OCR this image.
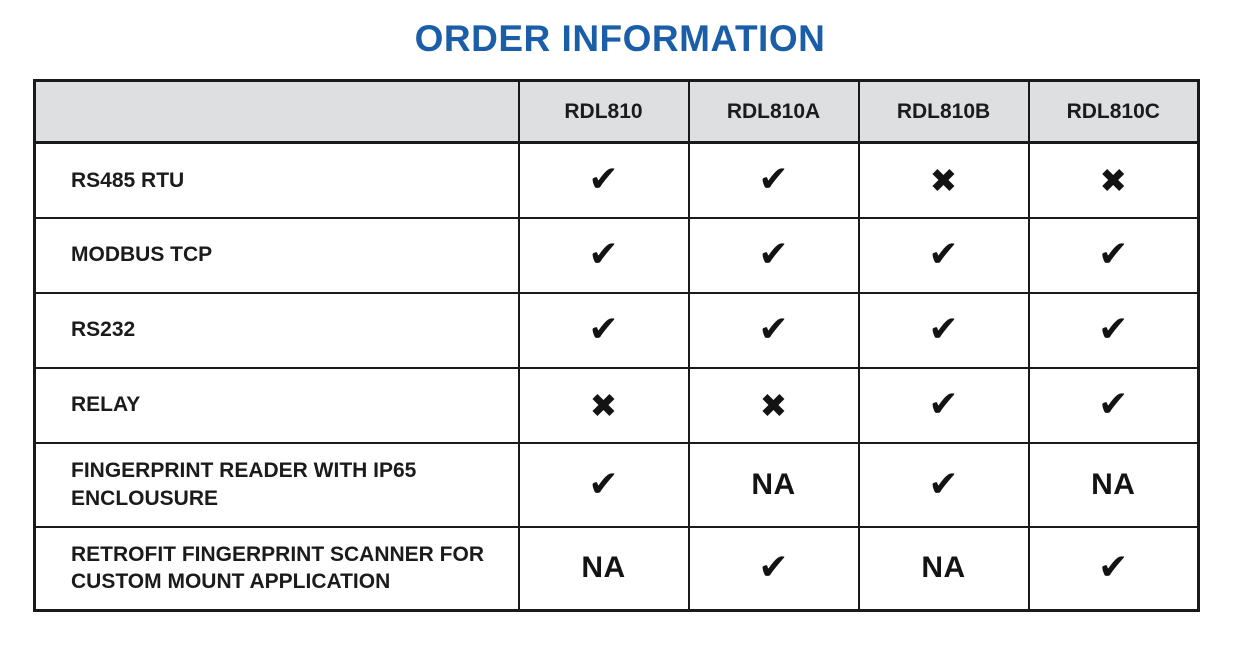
ORDER INFORMATION
	RDL810	RDL810A	RDL810B	RDL810C
RS485 RTU	✔	✔	✖	✖
MODBUS TCP	✔	✔	✔	✔
RS232	✔	✔	✔	✔
RELAY	✖	✖	✔	✔
FINGERPRINT READER WITH IP65 ENCLOUSURE	✔	NA	✔	NA
RETROFIT FINGERPRINT SCANNER FOR CUSTOM MOUNT APPLICATION	NA	✔	NA	✔
